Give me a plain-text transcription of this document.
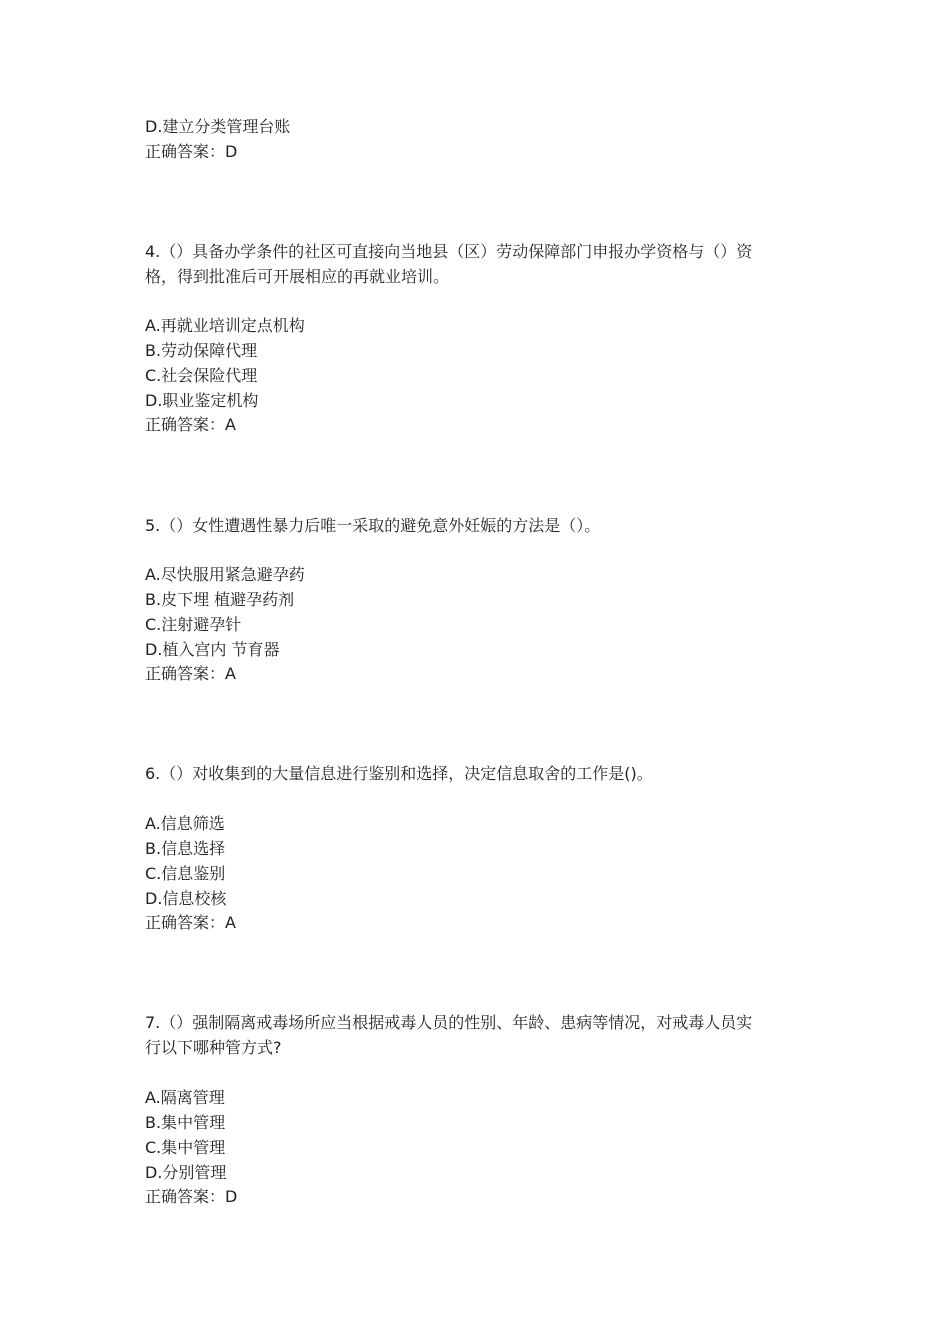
D.建立分类管理台账
正确答案：D
4.（）具备办学条件的社区可直接向当地县（区）劳动保障部门申报办学资格与（）资
格，得到批准后可开展相应的再就业培训。
A.再就业培训定点机构
B.劳动保障代理
C.社会保险代理
D.职业鉴定机构
正确答案：A
5.（）女性遭遇性暴力后唯一采取的避免意外妊娠的方法是（）。
A.尽快服用紧急避孕药
B.皮下埋 植避孕药剂
C.注射避孕针
D.植入宫内 节育器
正确答案：A
6.（）对收集到的大量信息进行鉴别和选择，决定信息取舍的工作是()。
A.信息筛选
B.信息选择
C.信息鉴别
D.信息校核
正确答案：A
7.（）强制隔离戒毒场所应当根据戒毒人员的性别、年龄、患病等情况，对戒毒人员实
行以下哪种管方式?
A.隔离管理
B.集中管理
C.集中管理
D.分别管理
正确答案：D
